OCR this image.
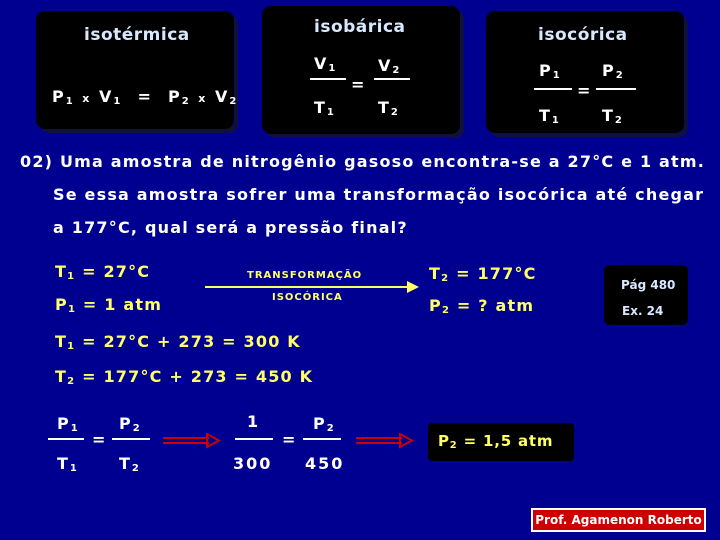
isotérmica
$P_1$ x $V_1 = P_2$ x $V_2$
isobárica
$V_1$
$T_1$
=
$V_2$
$T_2$
isocórica
$P_1$
$T_1$
=
$P_2$
$T_2$
02) Uma amostra de nitrogênio gasoso encontra-se a 27°C e 1 atm.
Se essa amostra sofrer uma transformação isocórica até chegar
a 177°C, qual será a pressão final?
$T_1 = 27^\circ C$
$P_1 = 1$ atm
TRANSFORMAÇÃO
ISOCÓRICA
$T_2 = 177^\circ C$
$P_2$ = ? atm
Pág 480
Ex. 24
$T_1 = 27^\circ C + 273 = 300$ K
$T_2 = 177^\circ C + 273 = 450$ K
$P_1$
$T_1$
=
$P_2$
$T_2$
1
300
=
$P_2$
450
$P_2 = 1,5$ atm
Prof. Agamenon Roberto
